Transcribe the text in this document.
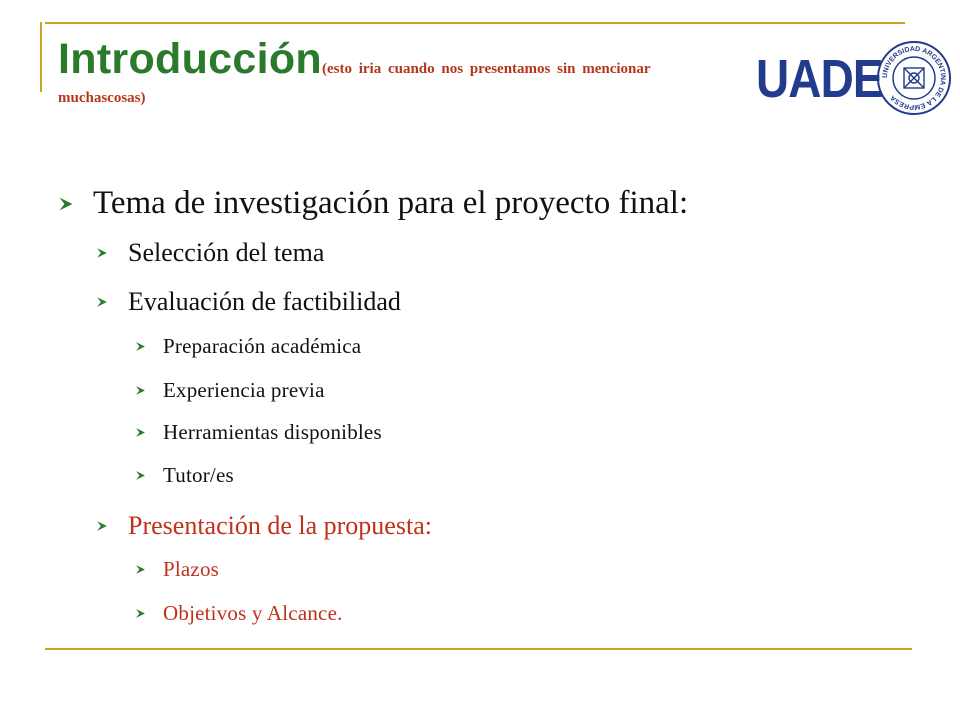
Introducción(esto iria cuando nos presentamos sin mencionar
muchascosas)	UADE UNIVERSIDAD ARGENTINA DE LA EMPRESA
Tema de investigación para el proyecto final:
Selección del tema
Evaluación de factibilidad
Preparación académica
Experiencia previa
Herramientas disponibles
Tutor/es
Presentación de la propuesta:
Plazos
Objetivos y Alcance.
